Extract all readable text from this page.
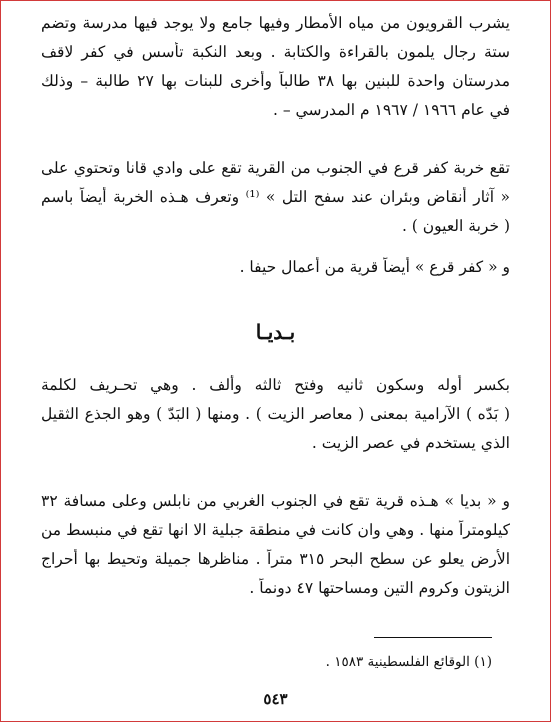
يشرب القرويون من مياه الأمطار وفيها جامع ولا يوجد فيها مدرسة وتضم
ستة رجال يلمون بالقراءة والكتابة . وبعد النكبة تأسس في كفر لاقف
مدرستان واحدة للبنين بها ٣٨ طالباً وأخرى للبنات بها ٢٧ طالبة – وذلك
في عام ١٩٦٦ / ١٩٦٧ م المدرسي – .
تقع خربة كفر قرع في الجنوب من القرية تقع على وادي قانا وتحتوي على
« آثار أنقاض وبئران عند سفح التل » ⁽¹⁾ وتعرف هـذه الخربة أيضاً باسم
( خربة العيون ) .
و « كفر قرع » أيضاً قرية من أعمال حيفا .
بـديـا
بكسر أوله وسكون ثانيه وفتح ثالثه وألف . وهي تحـريف لكلمة
( بَدّه ) الآرامية بمعنى ( معاصر الزيت ) . ومنها ( البَدّ ) وهو الجذع الثقيل
الذي يستخدم في عصر الزيت .
و « بديا » هـذه قرية تقع في الجنوب الغربي من نابلس وعلى مسافة ٣٢
كيلومتراً منها . وهي وان كانت في منطقة جبلية الا انها تقع في منبسط من
الأرض يعلو عن سطح البحر ٣١٥ متراً . مناظرها جميلة وتحيط بها أحراج
الزيتون وكروم التين ومساحتها ٤٧ دونماً .
(١) الوقائع الفلسطينية ١٥٨٣ .
٥٤٣
